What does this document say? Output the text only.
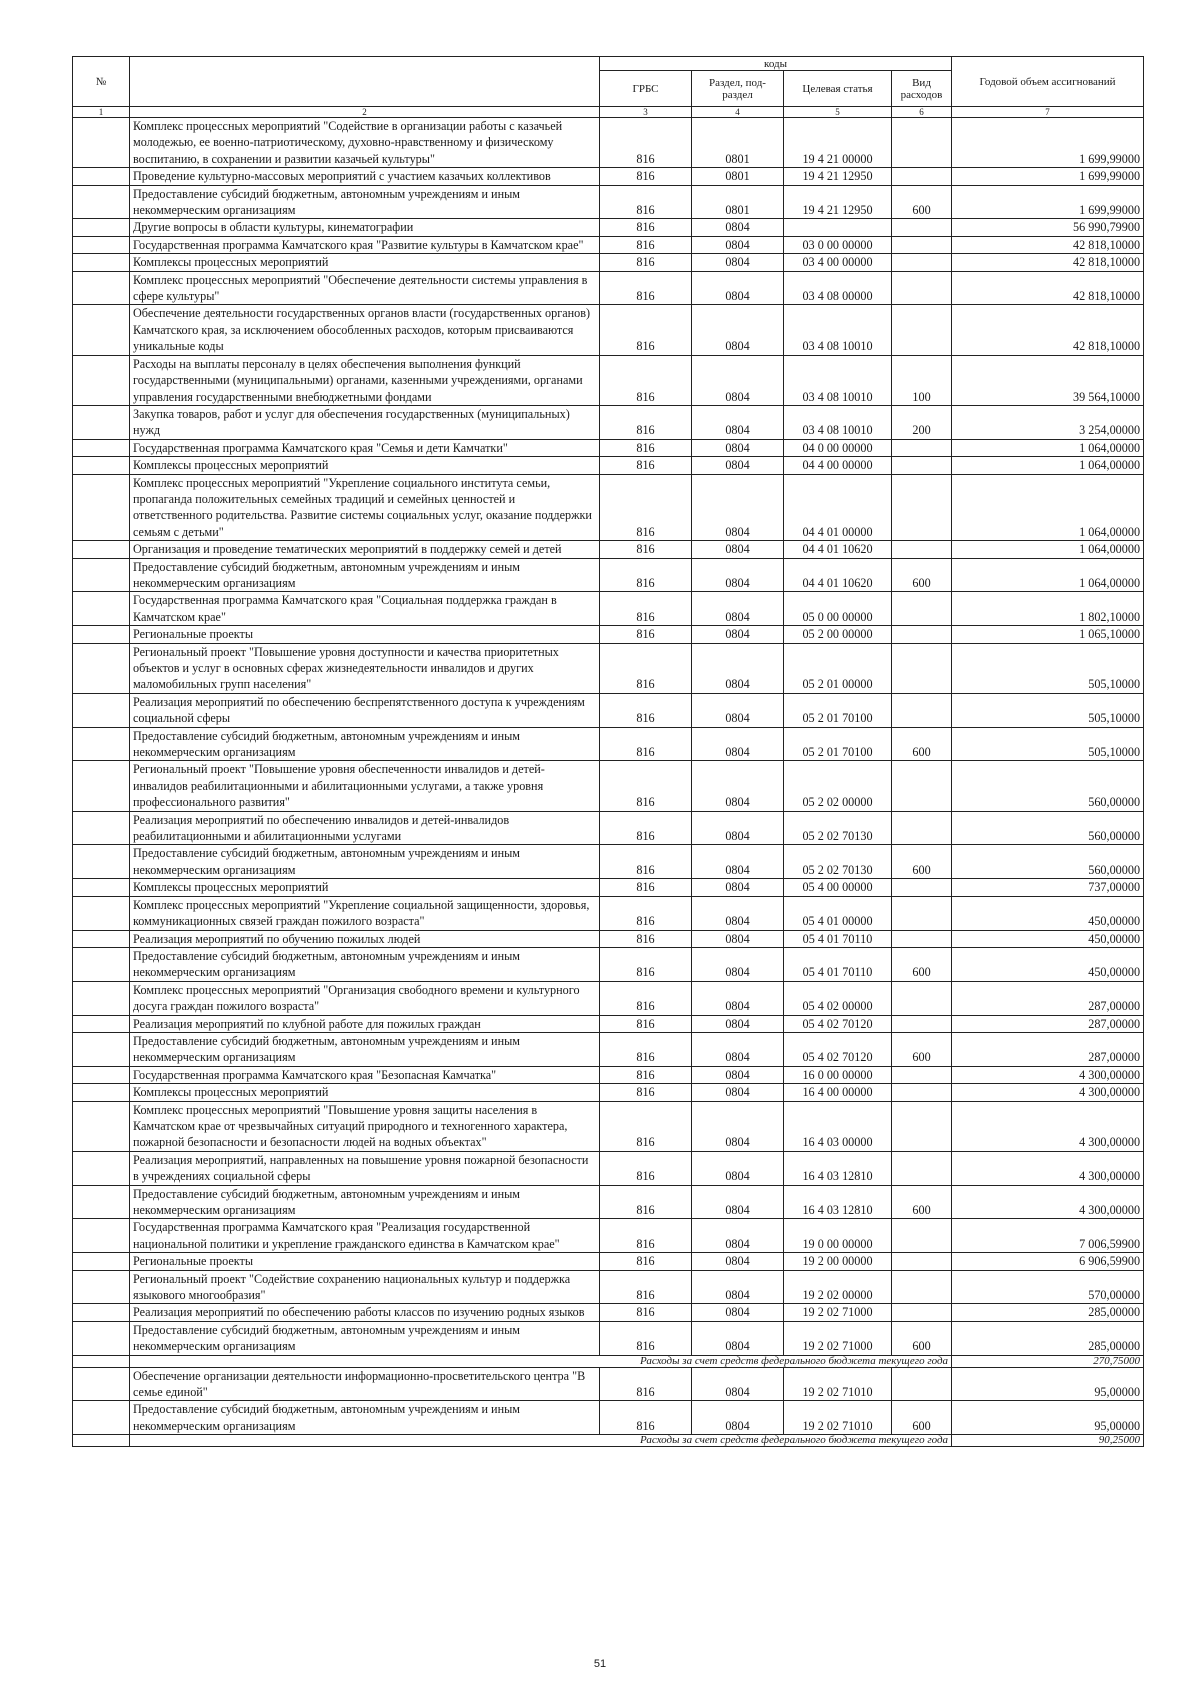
№		коды				Годовой объем ассигнований
		ГРБС	Раздел, под-раздел	Целевая статья	Вид расходов	
1	2	3	4	5	6	7
	Комплекс процессных мероприятий "Содействие в организации работы с казачьей молодежью, ее военно-патриотическому, духовно-нравственному и физическому воспитанию, в сохранении и развитии казачьей культуры"	816	0801	19 4 21 00000		1 699,99000
	Проведение культурно-массовых мероприятий с участием казачьих коллективов	816	0801	19 4 21 12950		1 699,99000
	Предоставление субсидий бюджетным, автономным учреждениям и иным некоммерческим организациям	816	0801	19 4 21 12950	600	1 699,99000
	Другие вопросы в области культуры, кинематографии	816	0804			56 990,79900
	Государственная программа Камчатского края "Развитие культуры в Камчатском крае"	816	0804	03 0 00 00000		42 818,10000
	Комплексы процессных мероприятий	816	0804	03 4 00 00000		42 818,10000
	Комплекс процессных мероприятий "Обеспечение деятельности системы управления в сфере культуры"	816	0804	03 4 08 00000		42 818,10000
	Обеспечение деятельности государственных органов власти (государственных органов) Камчатского края, за исключением обособленных расходов, которым присваиваются уникальные коды	816	0804	03 4 08 10010		42 818,10000
	Расходы на выплаты персоналу в целях обеспечения выполнения функций государственными (муниципальными) органами, казенными учреждениями, органами управления государственными внебюджетными фондами	816	0804	03 4 08 10010	100	39 564,10000
	Закупка товаров, работ и услуг для обеспечения государственных (муниципальных) нужд	816	0804	03 4 08 10010	200	3 254,00000
	Государственная программа Камчатского края "Семья и дети Камчатки"	816	0804	04 0 00 00000		1 064,00000
	Комплексы процессных мероприятий	816	0804	04 4 00 00000		1 064,00000
	Комплекс процессных мероприятий "Укрепление социального института семьи, пропаганда положительных семейных традиций и семейных ценностей и ответственного родительства. Развитие системы социальных услуг, оказание поддержки семьям с детьми"	816	0804	04 4 01 00000		1 064,00000
	Организация и проведение тематических мероприятий в поддержку семей и детей	816	0804	04 4 01 10620		1 064,00000
	Предоставление субсидий бюджетным, автономным учреждениям и иным некоммерческим организациям	816	0804	04 4 01 10620	600	1 064,00000
	Государственная программа Камчатского края "Социальная поддержка граждан в Камчатском крае"	816	0804	05 0 00 00000		1 802,10000
	Региональные проекты	816	0804	05 2 00 00000		1 065,10000
	Региональный проект "Повышение уровня доступности и качества приоритетных объектов и услуг в основных сферах жизнедеятельности инвалидов и других маломобильных групп населения"	816	0804	05 2 01 00000		505,10000
	Реализация мероприятий по обеспечению беспрепятственного доступа к учреждениям социальной сферы	816	0804	05 2 01 70100		505,10000
	Предоставление субсидий бюджетным, автономным учреждениям и иным некоммерческим организациям	816	0804	05 2 01 70100	600	505,10000
	Региональный проект "Повышение уровня обеспеченности инвалидов и детей-инвалидов реабилитационными и абилитационными услугами, а также уровня профессионального развития"	816	0804	05 2 02 00000		560,00000
	Реализация мероприятий по обеспечению инвалидов и детей-инвалидов реабилитационными и абилитационными услугами	816	0804	05 2 02 70130		560,00000
	Предоставление субсидий бюджетным, автономным учреждениям и иным некоммерческим организациям	816	0804	05 2 02 70130	600	560,00000
	Комплексы процессных мероприятий	816	0804	05 4 00 00000		737,00000
	Комплекс процессных мероприятий "Укрепление социальной защищенности, здоровья, коммуникационных связей граждан пожилого возраста"	816	0804	05 4 01 00000		450,00000
	Реализация мероприятий по обучению пожилых людей	816	0804	05 4 01 70110		450,00000
	Предоставление субсидий бюджетным, автономным учреждениям и иным некоммерческим организациям	816	0804	05 4 01 70110	600	450,00000
	Комплекс процессных мероприятий "Организация свободного времени и культурного досуга граждан пожилого возраста"	816	0804	05 4 02 00000		287,00000
	Реализация мероприятий по клубной работе для пожилых граждан	816	0804	05 4 02 70120		287,00000
	Предоставление субсидий бюджетным, автономным учреждениям и иным некоммерческим организациям	816	0804	05 4 02 70120	600	287,00000
	Государственная программа Камчатского края "Безопасная Камчатка"	816	0804	16 0 00 00000		4 300,00000
	Комплексы процессных мероприятий	816	0804	16 4 00 00000		4 300,00000
	Комплекс процессных мероприятий "Повышение уровня защиты населения в Камчатском крае от чрезвычайных ситуаций природного и техногенного характера, пожарной безопасности и безопасности людей на водных объектах"	816	0804	16 4 03 00000		4 300,00000
	Реализация мероприятий, направленных на повышение уровня пожарной безопасности в учреждениях социальной сферы	816	0804	16 4 03 12810		4 300,00000
	Предоставление субсидий бюджетным, автономным учреждениям и иным некоммерческим организациям	816	0804	16 4 03 12810	600	4 300,00000
	Государственная программа Камчатского края "Реализация государственной национальной политики и укрепление гражданского единства в Камчатском крае"	816	0804	19 0 00 00000		7 006,59900
	Региональные проекты	816	0804	19 2 00 00000		6 906,59900
	Региональный проект "Содействие сохранению национальных культур и поддержка языкового многообразия"	816	0804	19 2 02 00000		570,00000
	Реализация мероприятий по обеспечению работы классов по изучению родных языков	816	0804	19 2 02 71000		285,00000
	Предоставление субсидий бюджетным, автономным учреждениям и иным некоммерческим организациям	816	0804	19 2 02 71000	600	285,00000
	Расходы за счет средств федерального бюджета текущего года					270,75000
	Обеспечение организации деятельности информационно-просветительского центра "В семье единой"	816	0804	19 2 02 71010		95,00000
	Предоставление субсидий бюджетным, автономным учреждениям и иным некоммерческим организациям	816	0804	19 2 02 71010	600	95,00000
	Расходы за счет средств федерального бюджета текущего года					90,25000
51
